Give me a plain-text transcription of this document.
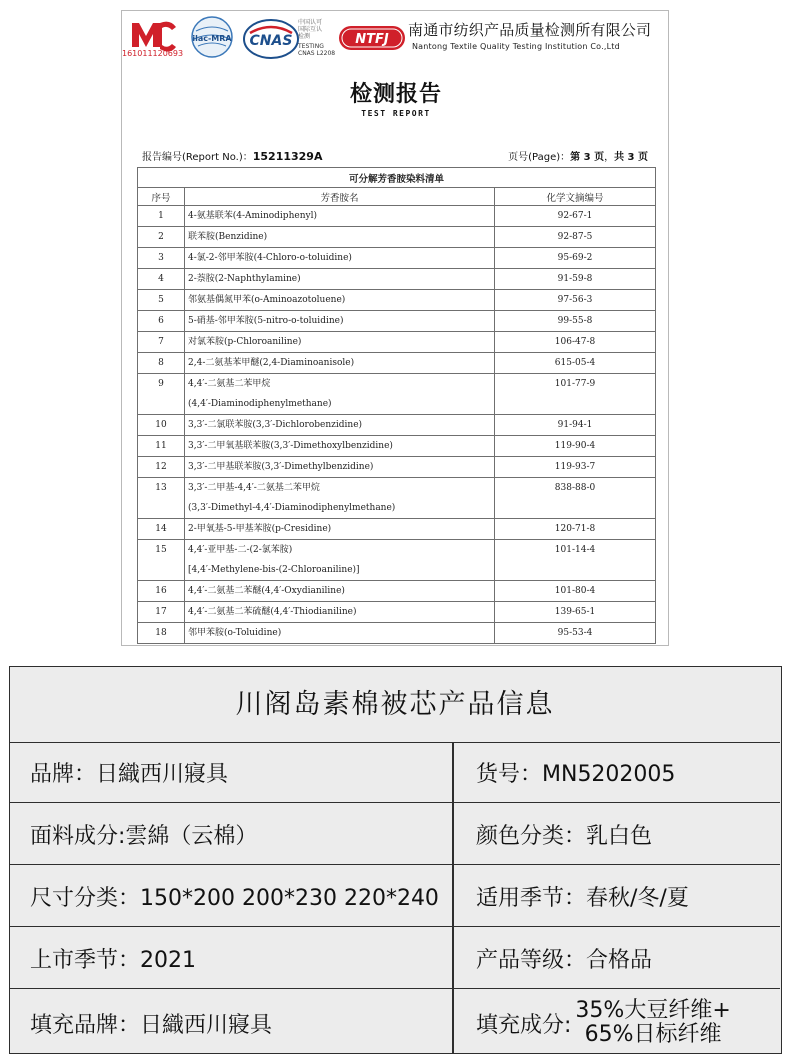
161011120693
ilac-MRA CNAS
中国认可
国际互认
检测
TESTING
CNAS L2208
NTFJ
南通市纺织产品质量检测所有限公司
Nantong Textile Quality Testing Institution Co.,Ltd
检测报告
TEST REPORT
报告编号(Report No.)：15211329A	页号(Page)：第 3 页，共 3 页
可分解芳香胺染料清单		
序号	芳香胺名	化学文摘编号
1	4-氨基联苯(4-Aminodiphenyl)	92-67-1
2	联苯胺(Benzidine)	92-87-5
3	4-氯-2-邻甲苯胺(4-Chloro-o-toluidine)	95-69-2
4	2-萘胺(2-Naphthylamine)	91-59-8
5	邻氨基偶氮甲苯(o-Aminoazotoluene)	97-56-3
6	5-硝基-邻甲苯胺(5-nitro-o-toluidine)	99-55-8
7	对氯苯胺(p-Chloroaniline)	106-47-8
8	2,4-二氨基苯甲醚(2,4-Diaminoanisole)	615-05-4
9	4,4′-二氨基二苯甲烷
(4,4′-Diaminodiphenylmethane)	101-77-9
10	3,3′-二氯联苯胺(3,3′-Dichlorobenzidine)	91-94-1
11	3,3′-二甲氧基联苯胺(3,3′-Dimethoxylbenzidine)	119-90-4
12	3,3′-二甲基联苯胺(3,3′-Dimethylbenzidine)	119-93-7
13	3,3′-二甲基-4,4′-二氨基二苯甲烷
(3,3′-Dimethyl-4,4′-Diaminodiphenylmethane)	838-88-0
14	2-甲氧基-5-甲基苯胺(p-Cresidine)	120-71-8
15	4,4′-亚甲基-二-(2-氯苯胺)
[4,4′-Methylene-bis-(2-Chloroaniline)]	101-14-4
16	4,4′-二氨基二苯醚(4,4′-Oxydianiline)	101-80-4
17	4,4′-二氨基二苯硫醚(4,4′-Thiodianiline)	139-65-1
18	邻甲苯胺(o-Toluidine)	95-53-4
川阁岛素棉被芯产品信息
品牌：日織西川寢具	货号：MN5202005
面料成分:雲綿（云棉）	颜色分类：乳白色
尺寸分类：150*200 200*230 220*240	适用季节：春秋/冬/夏
上市季节：2021	产品等级：合格品
填充品牌：日織西川寢具	填充成分:
35%大豆纤维+
65%日标纤维
